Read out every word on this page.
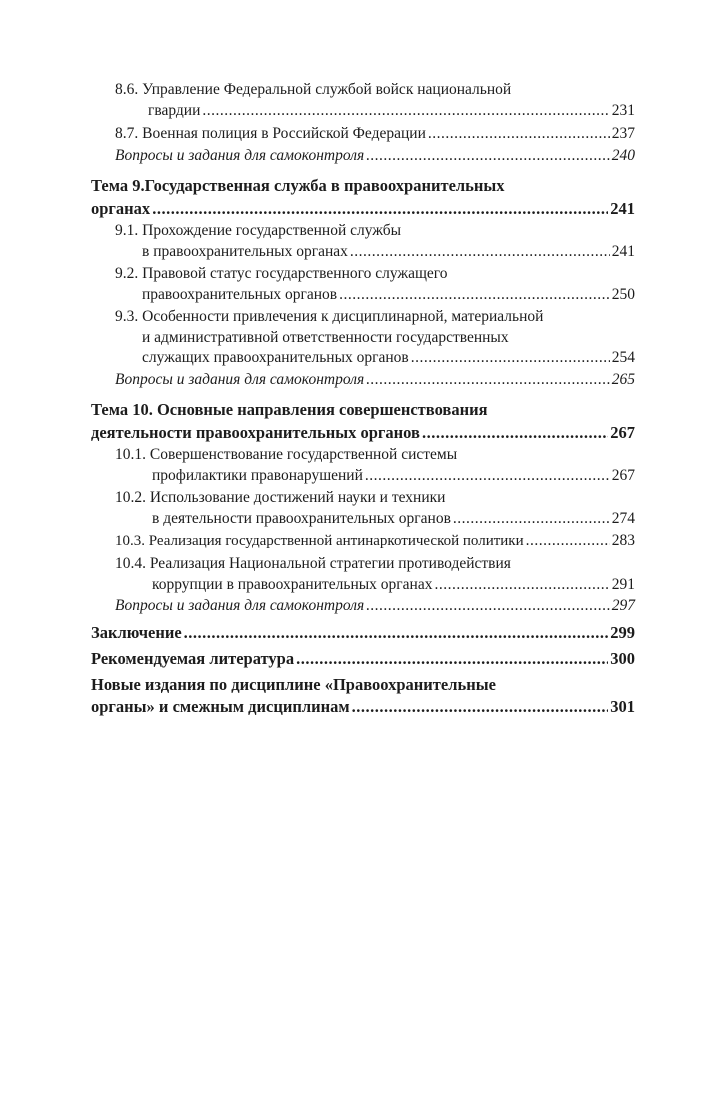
8.6. Управление Федеральной службой войск национальной
гвардии .....	231
8.7. Военная полиция в Российской Федерации .....	237
Вопросы и задания для самоконтроля .....	240
Тема 9.Государственная служба в правоохранительных
органах .....	241
9.1. Прохождение государственной службы
в правоохранительных органах .....	241
9.2. Правовой статус государственного служащего
правоохранительных органов .....	250
9.3. Особенности привлечения к дисциплинарной, материальной
и административной ответственности государственных
служащих правоохранительных органов .....	254
Вопросы и задания для самоконтроля .....	265
Тема 10. Основные направления совершенствования
деятельности правоохранительных органов .....	267
10.1. Совершенствование государственной системы
профилактики правонарушений .....	267
10.2. Использование достижений науки и техники
в деятельности правоохранительных органов .....	274
10.3. Реализация государственной антинаркотической политики .....	283
10.4. Реализация Национальной стратегии противодействия
коррупции в правоохранительных органах .....	291
Вопросы и задания для самоконтроля .....	297
Заключение .....	299
Рекомендуемая литература .....	300
Новые издания по дисциплине «Правоохранительные
органы» и смежным дисциплинам .....	301
